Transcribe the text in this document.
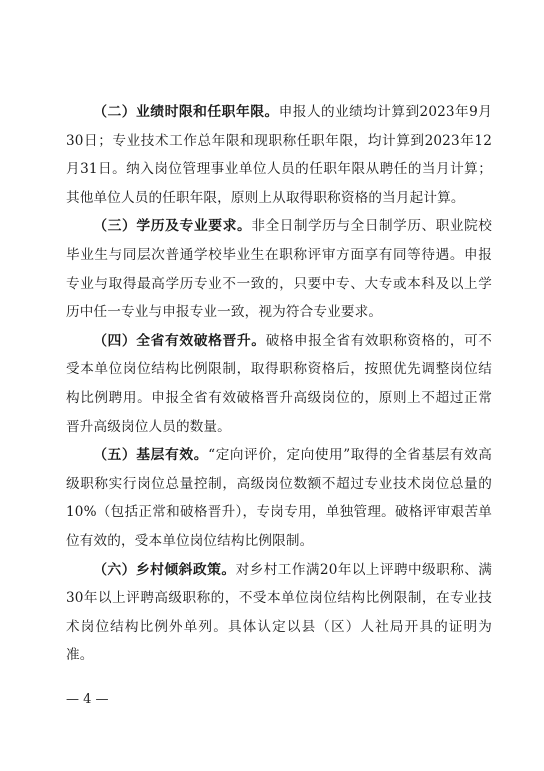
（二）业绩时限和任职年限。申报人的业绩均计算到2023年9月30日；专业技术工作总年限和现职称任职年限，均计算到2023年12月31日。纳入岗位管理事业单位人员的任职年限从聘任的当月计算；其他单位人员的任职年限，原则上从取得职称资格的当月起计算。

（三）学历及专业要求。非全日制学历与全日制学历、职业院校毕业生与同层次普通学校毕业生在职称评审方面享有同等待遇。申报专业与取得最高学历专业不一致的，只要中专、大专或本科及以上学历中任一专业与申报专业一致，视为符合专业要求。

（四）全省有效破格晋升。破格申报全省有效职称资格的，可不受本单位岗位结构比例限制，取得职称资格后，按照优先调整岗位结构比例聘用。申报全省有效破格晋升高级岗位的，原则上不超过正常晋升高级岗位人员的数量。

（五）基层有效。“定向评价，定向使用”取得的全省基层有效高级职称实行岗位总量控制，高级岗位数额不超过专业技术岗位总量的10%（包括正常和破格晋升），专岗专用，单独管理。破格评审艰苦单位有效的，受本单位岗位结构比例限制。

（六）乡村倾斜政策。对乡村工作满20年以上评聘中级职称、满30年以上评聘高级职称的，不受本单位岗位结构比例限制，在专业技术岗位结构比例外单列。具体认定以县（区）人社局开具的证明为准。

— 4 —
